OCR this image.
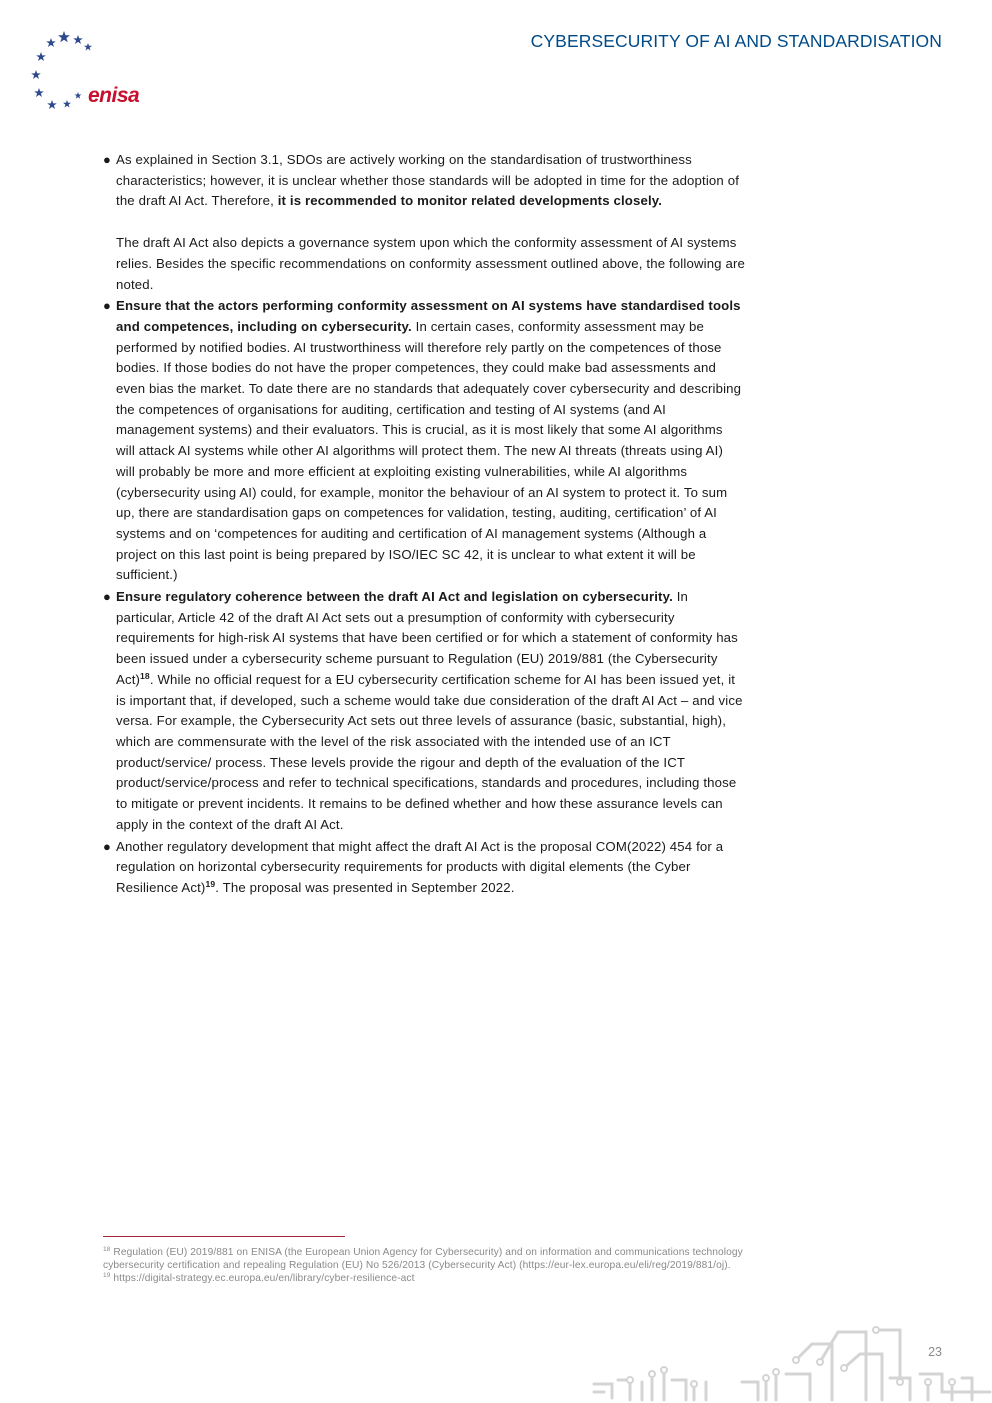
enisa
CYBERSECURITY OF AI AND STANDARDISATION
● As explained in Section 3.1, SDOs are actively working on the standardisation of trustworthiness characteristics; however, it is unclear whether those standards will be adopted in time for the adoption of the draft AI Act. Therefore, it is recommended to monitor related developments closely.
The draft AI Act also depicts a governance system upon which the conformity assessment of AI systems relies. Besides the specific recommendations on conformity assessment outlined above, the following are noted.
● Ensure that the actors performing conformity assessment on AI systems have standardised tools and competences, including on cybersecurity. In certain cases, conformity assessment may be performed by notified bodies. AI trustworthiness will therefore rely partly on the competences of those bodies. If those bodies do not have the proper competences, they could make bad assessments and even bias the market. To date there are no standards that adequately cover cybersecurity and describing the competences of organisations for auditing, certification and testing of AI systems (and AI management systems) and their evaluators. This is crucial, as it is most likely that some AI algorithms will attack AI systems while other AI algorithms will protect them. The new AI threats (threats using AI) will probably be more and more efficient at exploiting existing vulnerabilities, while AI algorithms (cybersecurity using AI) could, for example, monitor the behaviour of an AI system to protect it. To sum up, there are standardisation gaps on competences for validation, testing, auditing, certification’ of AI systems and on ‘competences for auditing and certification of AI management systems (Although a project on this last point is being prepared by ISO/IEC SC 42, it is unclear to what extent it will be sufficient.)
● Ensure regulatory coherence between the draft AI Act and legislation on cybersecurity. In particular, Article 42 of the draft AI Act sets out a presumption of conformity with cybersecurity requirements for high-risk AI systems that have been certified or for which a statement of conformity has been issued under a cybersecurity scheme pursuant to Regulation (EU) 2019/881 (the Cybersecurity Act)$^{18}$. While no official request for a EU cybersecurity certification scheme for AI has been issued yet, it is important that, if developed, such a scheme would take due consideration of the draft AI Act – and vice versa. For example, the Cybersecurity Act sets out three levels of assurance (basic, substantial, high), which are commensurate with the level of the risk associated with the intended use of an ICT product/service/ process. These levels provide the rigour and depth of the evaluation of the ICT product/service/process and refer to technical specifications, standards and procedures, including those to mitigate or prevent incidents. It remains to be defined whether and how these assurance levels can apply in the context of the draft AI Act.
● Another regulatory development that might affect the draft AI Act is the proposal COM(2022) 454 for a regulation on horizontal cybersecurity requirements for products with digital elements (the Cyber Resilience Act)$^{19}$. The proposal was presented in September 2022.
$^{18}$ Regulation (EU) 2019/881 on ENISA (the European Union Agency for Cybersecurity) and on information and communications technology cybersecurity certification and repealing Regulation (EU) No 526/2013 (Cybersecurity Act) (https://eur-lex.europa.eu/eli/reg/2019/881/oj).
$^{19}$ https://digital-strategy.ec.europa.eu/en/library/cyber-resilience-act
23
